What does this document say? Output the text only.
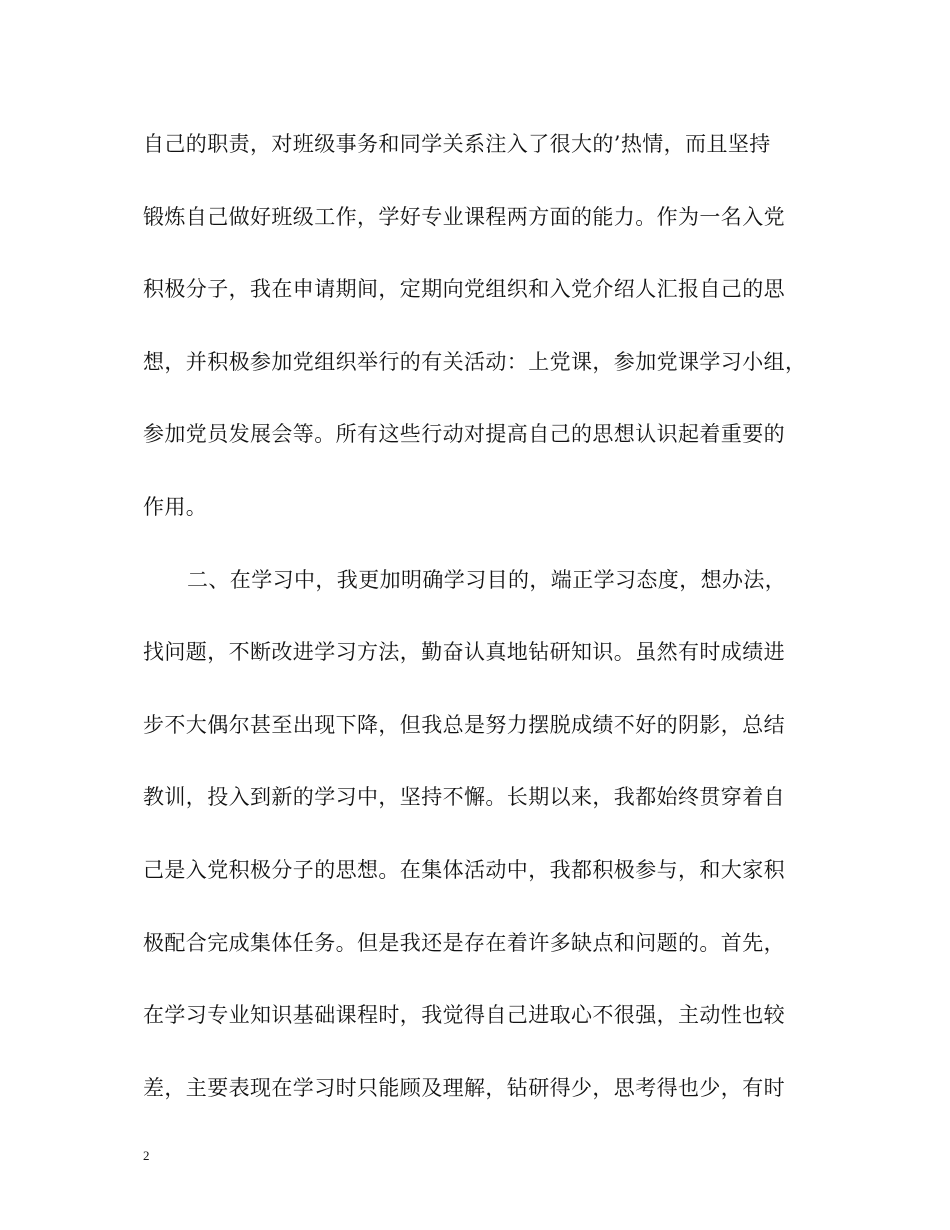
自己的职责，对班级事务和同学关系注入了很大的’热情，而且坚持
锻炼自己做好班级工作，学好专业课程两方面的能力。作为一名入党
积极分子，我在申请期间，定期向党组织和入党介绍人汇报自己的思
想，并积极参加党组织举行的有关活动：上党课，参加党课学习小组，
参加党员发展会等。所有这些行动对提高自己的思想认识起着重要的
作用。
二、在学习中，我更加明确学习目的，端正学习态度，想办法，
找问题，不断改进学习方法，勤奋认真地钻研知识。虽然有时成绩进
步不大偶尔甚至出现下降，但我总是努力摆脱成绩不好的阴影，总结
教训，投入到新的学习中，坚持不懈。长期以来，我都始终贯穿着自
己是入党积极分子的思想。在集体活动中，我都积极参与，和大家积
极配合完成集体任务。但是我还是存在着许多缺点和问题的。首先，
在学习专业知识基础课程时，我觉得自己进取心不很强，主动性也较
差，主要表现在学习时只能顾及理解，钻研得少，思考得也少，有时
2
